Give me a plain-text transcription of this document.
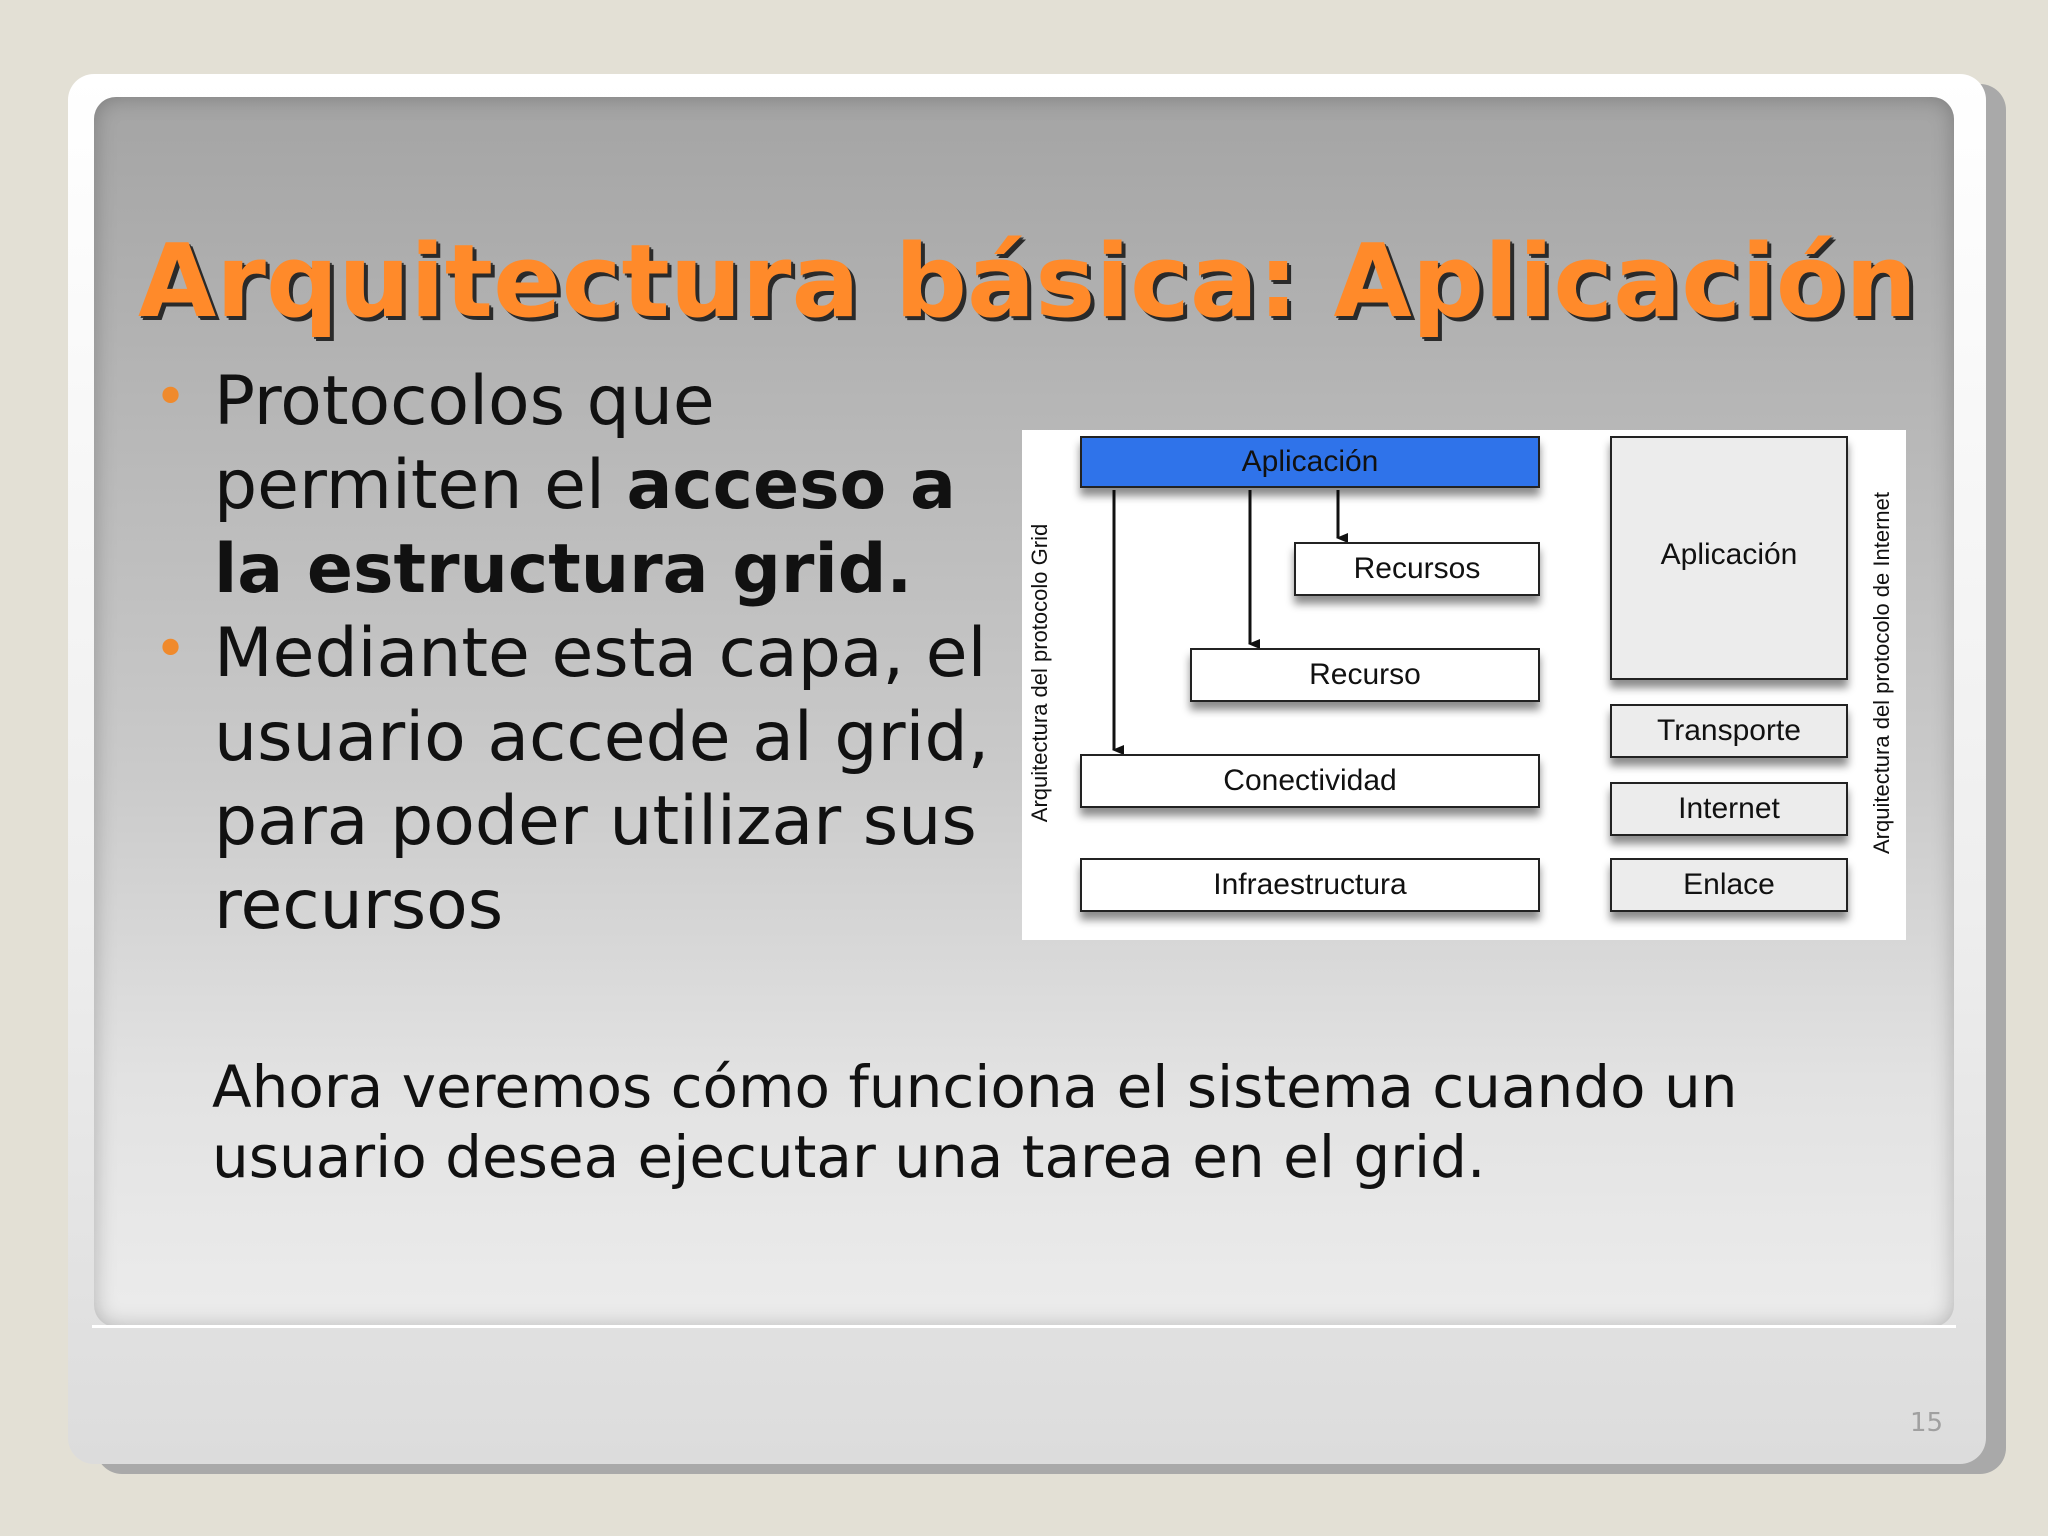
Arquitectura básica: Aplicación
• Protocolos que permiten el acceso a la estructura grid.
• Mediante esta capa, el usuario accede al grid, para poder utilizar sus recursos
Arquitectura del protocolo Grid
Aplicación
Recursos
Recurso
Conectividad
Infraestructura
Aplicación
Transporte
Internet
Enlace
Arquitectura del protocolo de Internet

Ahora veremos cómo funciona el sistema cuando un usuario desea ejecutar una tarea en el grid.

15
